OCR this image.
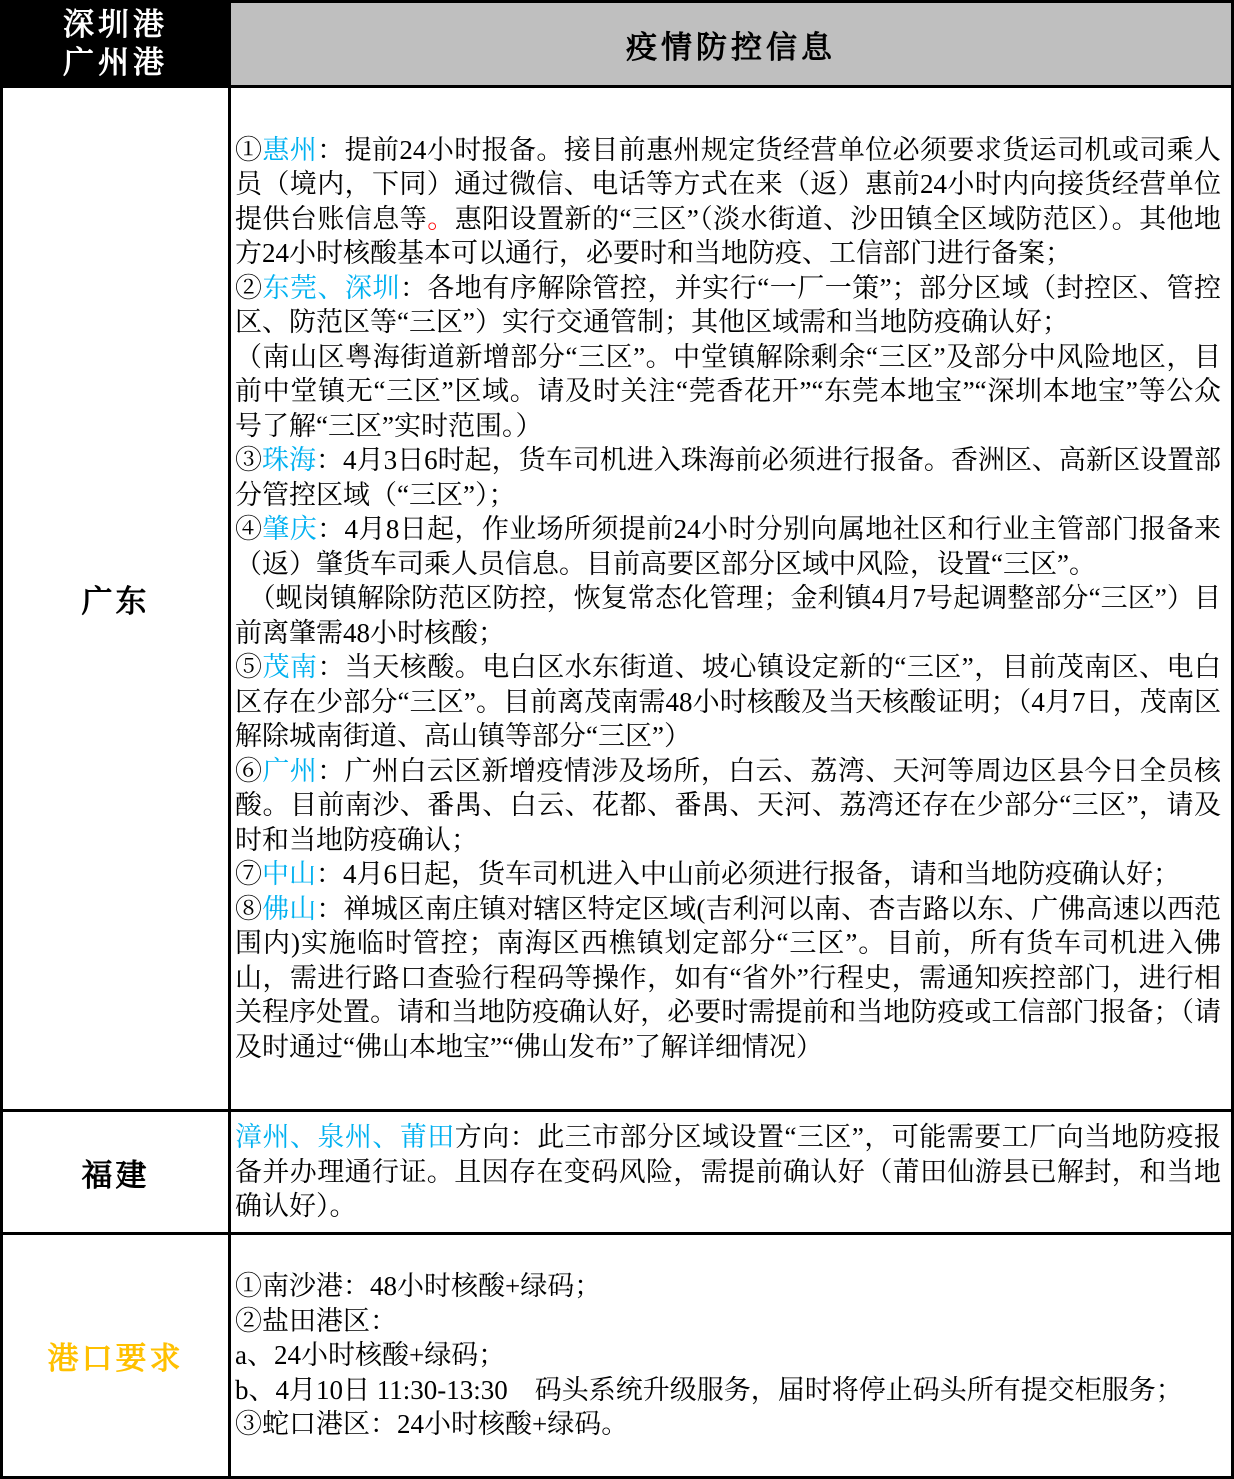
深圳港
广州港	疫情防控信息
广东	
①惠州：提前24小时报备。接目前惠州规定货经营单位必须要求货运司机或司乘人员（境内，下同）通过微信、电话等方式在来（返）惠前24小时内向接货经营单位提供台账信息等。惠阳设置新的“三区”（淡水街道、沙田镇全区域防范区）。其他地方24小时核酸基本可以通行，必要时和当地防疫、工信部门进行备案；
②东莞、深圳：各地有序解除管控，并实行“一厂一策”；部分区域（封控区、管控区、防范区等“三区”）实行交通管制；其他区域需和当地防疫确认好；
（南山区粤海街道新增部分“三区”。中堂镇解除剩余“三区”及部分中风险地区，目前中堂镇无“三区”区域。请及时关注“莞香花开”“东莞本地宝”“深圳本地宝”等公众号了解“三区”实时范围。）
③珠海：4月3日6时起，货车司机进入珠海前必须进行报备。香洲区、高新区设置部分管控区域（“三区”）；
④肇庆：4月8日起，作业场所须提前24小时分别向属地社区和行业主管部门报备来（返）肇货车司乘人员信息。目前高要区部分区域中风险，设置“三区”。
 （蚬岗镇解除防范区防控，恢复常态化管理；金利镇4月7号起调整部分“三区”）目前离肇需48小时核酸；
⑤茂南：当天核酸。电白区水东街道、坡心镇设定新的“三区”，目前茂南区、电白区存在少部分“三区”。目前离茂南需48小时核酸及当天核酸证明；（4月7日，茂南区解除城南街道、高山镇等部分“三区”）
⑥广州：广州白云区新增疫情涉及场所，白云、荔湾、天河等周边区县今日全员核酸。目前南沙、番禺、白云、花都、番禺、天河、荔湾还存在少部分“三区”，请及时和当地防疫确认；
⑦中山：4月6日起，货车司机进入中山前必须进行报备，请和当地防疫确认好；
⑧佛山：禅城区南庄镇对辖区特定区域(吉利河以南、杏吉路以东、广佛高速以西范围内)实施临时管控；南海区西樵镇划定部分“三区”。目前，所有货车司机进入佛山，需进行路口查验行程码等操作，如有“省外”行程史，需通知疾控部门，进行相关程序处置。请和当地防疫确认好，必要时需提前和当地防疫或工信部门报备；（请及时通过“佛山本地宝”“佛山发布”了解详细情况）

福建	漳州、泉州、莆田方向：此三市部分区域设置“三区”，可能需要工厂向当地防疫报备并办理通行证。且因存在变码风险，需提前确认好（莆田仙游县已解封，和当地确认好）。

港口要求	①南沙港：48小时核酸+绿码；
②盐田港区：
a、24小时核酸+绿码；
b、4月10日 11:30-13:30　码头系统升级服务，届时将停止码头所有提交柜服务；
③蛇口港区：24小时核酸+绿码。
